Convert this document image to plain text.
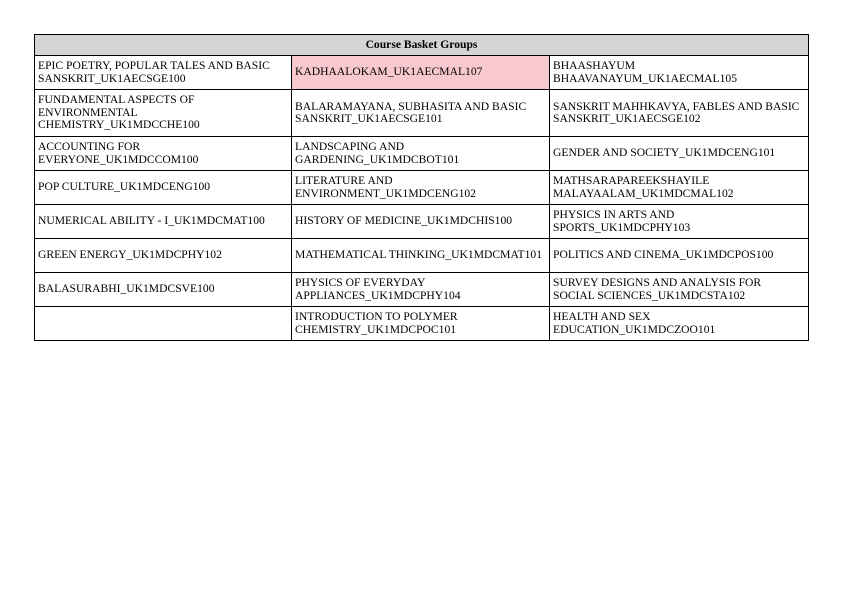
Course Basket Groups		
EPIC POETRY, POPULAR TALES AND BASIC SANSKRIT_UK1AECSGE100	KADHAALOKAM_UK1AECMAL107	BHAASHAYUM BHAAVANAYUM_UK1AECMAL105
FUNDAMENTAL ASPECTS OF ENVIRONMENTAL CHEMISTRY_UK1MDCCHE100	BALARAMAYANA, SUBHASITA AND BASIC SANSKRIT_UK1AECSGE101	SANSKRIT MAHHKAVYA, FABLES AND BASIC SANSKRIT_UK1AECSGE102
ACCOUNTING FOR EVERYONE_UK1MDCCOM100	LANDSCAPING AND GARDENING_UK1MDCBOT101	GENDER AND SOCIETY_UK1MDCENG101
POP CULTURE_UK1MDCENG100	LITERATURE AND ENVIRONMENT_UK1MDCENG102	MATHSARAPAREEKSHAYILE MALAYAALAM_UK1MDCMAL102
NUMERICAL ABILITY - I_UK1MDCMAT100	HISTORY OF MEDICINE_UK1MDCHIS100	PHYSICS IN ARTS AND SPORTS_UK1MDCPHY103
GREEN ENERGY_UK1MDCPHY102	MATHEMATICAL THINKING_UK1MDCMAT101	POLITICS AND CINEMA_UK1MDCPOS100
BALASURABHI_UK1MDCSVE100	PHYSICS OF EVERYDAY APPLIANCES_UK1MDCPHY104	SURVEY DESIGNS AND ANALYSIS FOR SOCIAL SCIENCES_UK1MDCSTA102
	INTRODUCTION TO POLYMER CHEMISTRY_UK1MDCPOC101	HEALTH AND SEX EDUCATION_UK1MDCZOO101
